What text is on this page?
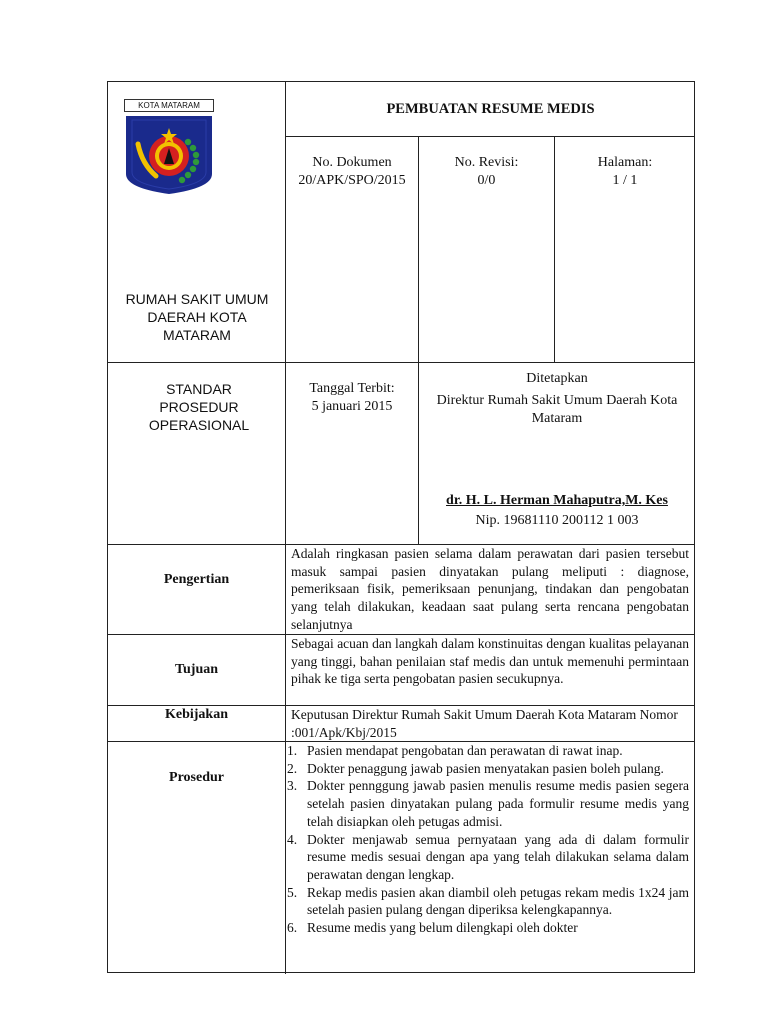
KOTA MATARAM
RUMAH SAKIT UMUM DAERAH KOTA MATARAM
PEMBUATAN RESUME MEDIS
No. Dokumen
20/APK/SPO/2015
No. Revisi:
0/0
Halaman:
1 / 1
STANDAR PROSEDUR OPERASIONAL
Tanggal Terbit:
5 januari 2015
Ditetapkan
Direktur Rumah Sakit Umum Daerah Kota Mataram
dr. H. L. Herman Mahaputra,M. Kes
Nip. 19681110 200112 1 003
Pengertian
Adalah ringkasan pasien selama dalam perawatan dari pasien tersebut masuk sampai pasien dinyatakan pulang meliputi : diagnose, pemeriksaan fisik, pemeriksaan penunjang, tindakan dan pengobatan yang telah dilakukan, keadaan saat pulang serta rencana pengobatan selanjutnya
Tujuan
Sebagai acuan dan langkah dalam konstinuitas dengan kualitas pelayanan yang tinggi, bahan penilaian staf medis dan untuk memenuhi permintaan pihak ke tiga serta pengobatan pasien secukupnya.
Kebijakan	Keputusan Direktur Rumah Sakit Umum Daerah Kota Mataram Nomor :001/Apk/Kbj/2015
Prosedur
1. Pasien mendapat pengobatan dan perawatan di rawat inap.
2. Dokter penaggung jawab pasien menyatakan pasien boleh pulang.
3. Dokter pennggung jawab pasien menulis resume medis pasien segera setelah pasien dinyatakan pulang pada formulir resume medis yang telah disiapkan oleh petugas admisi.
4. Dokter menjawab semua pernyataan yang ada di dalam formulir resume medis sesuai dengan apa yang telah dilakukan selama dalam perawatan dengan lengkap.
5. Rekap medis pasien akan diambil oleh petugas rekam medis 1x24 jam setelah pasien pulang dengan diperiksa kelengkapannya.
6. Resume medis yang belum dilengkapi oleh dokter
